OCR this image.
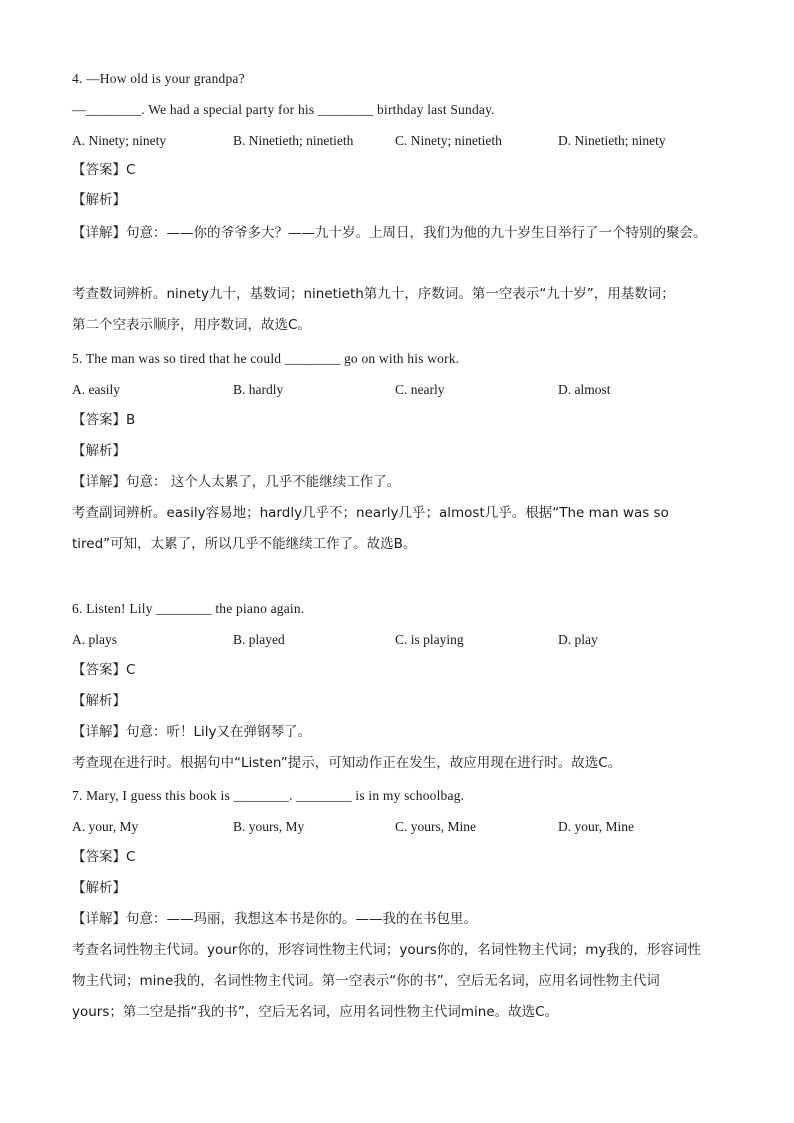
4. —How old is your grandpa?
—________. We had a special party for his ________ birthday last Sunday.
A. Ninety; ninety	B. Ninetieth; ninetieth	C. Ninety; ninetieth	D. Ninetieth; ninety
【答案】C
【解析】
【详解】句意：——你的爷爷多大？——九十岁。上周日，我们为他的九十岁生日举行了一个特别的聚会。
考查数词辨析。ninety九十，基数词；ninetieth第九十，序数词。第一空表示“九十岁”，用基数词；
第二个空表示顺序，用序数词，故选C。
5. The man was so tired that he could ________ go on with his work.
A. easily	B. hardly	C. nearly	D. almost
【答案】B
【解析】
【详解】句意： 这个人太累了，几乎不能继续工作了。
考查副词辨析。easily容易地；hardly几乎不；nearly几乎；almost几乎。根据“The man was so
tired”可知，太累了，所以几乎不能继续工作了。故选B。
6. Listen! Lily ________ the piano again.
A. plays	B. played	C. is playing	D. play
【答案】C
【解析】
【详解】句意：听！Lily又在弹钢琴了。
考查现在进行时。根据句中“Listen”提示，可知动作正在发生，故应用现在进行时。故选C。
7. Mary, I guess this book is ________. ________ is in my schoolbag.
A. your, My	B. yours, My	C. yours, Mine	D. your, Mine
【答案】C
【解析】
【详解】句意：——玛丽，我想这本书是你的。——我的在书包里。
考查名词性物主代词。your你的，形容词性物主代词；yours你的，名词性物主代词；my我的，形容词性
物主代词；mine我的，名词性物主代词。第一空表示“你的书”，空后无名词，应用名词性物主代词
yours；第二空是指“我的书”，空后无名词，应用名词性物主代词mine。故选C。
